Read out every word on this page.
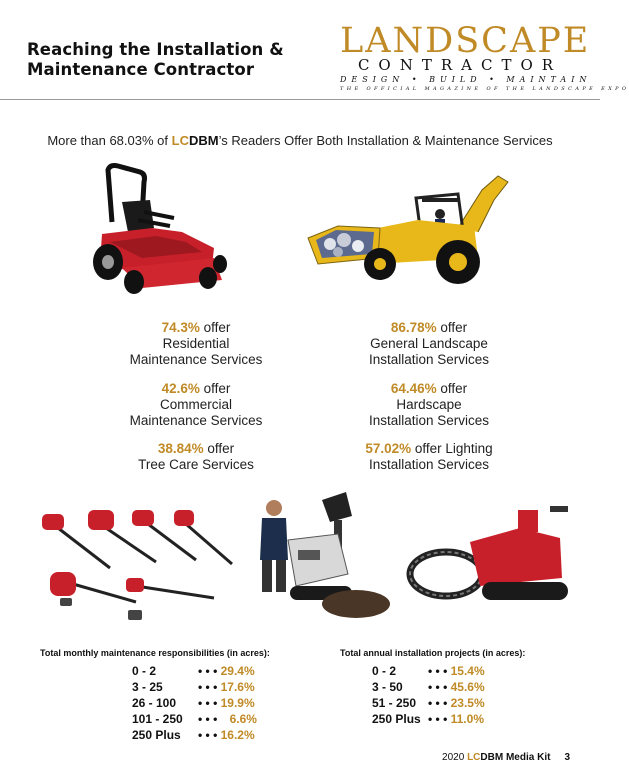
Reaching the Installation &
Maintenance Contractor
LANDSCAPE
CONTRACTOR
DESIGN • BUILD • MAINTAIN
THE OFFICIAL MAGAZINE OF THE LANDSCAPE EXPO
More than 68.03% of LCDBM’s Readers Offer Both Installation & Maintenance Services
74.3% offer
Residential
Maintenance Services
42.6% offer
Commercial
Maintenance Services
38.84% offer
Tree Care Services
86.78% offer
General Landscape
Installation Services
64.46% offer
Hardscape
Installation Services
57.02% offer Lighting
Installation Services
Total monthly maintenance responsibilities (in acres):
0 - 2	• • • 29.4%
3 - 25	• • • 17.6%
26 - 100 • • • 19.9%
101 - 250 • • • 6.6%
250 Plus • • • 16.2%
Total annual installation projects (in acres):
0 - 2	• • • 15.4%
3 - 50 • • • 45.6%
51 - 250 • • • 23.5%
250 Plus • • • 11.0%
2020 LCDBM Media Kit 3
